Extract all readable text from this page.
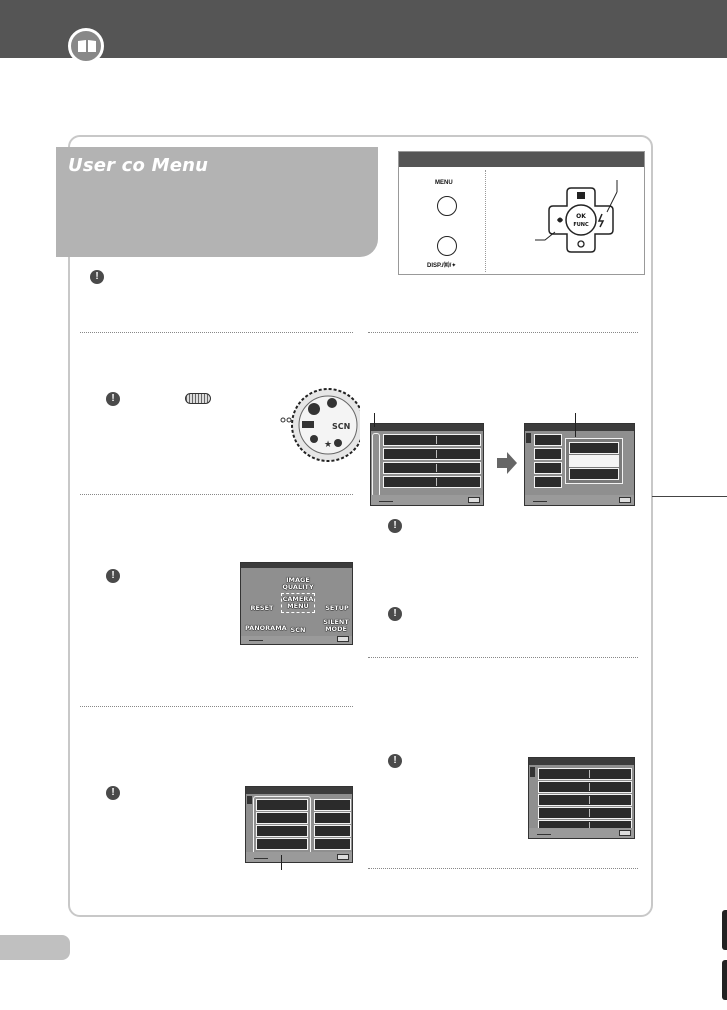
User co Menu
MENU
DISP./⒨/✦
OK
FUNC
!
!
!
!
!
!
!
SCN
★
IMAGE QUALITY
CAMERA MENU
RESET	SETUP
PANORAMA SCN
SILENT MODE
